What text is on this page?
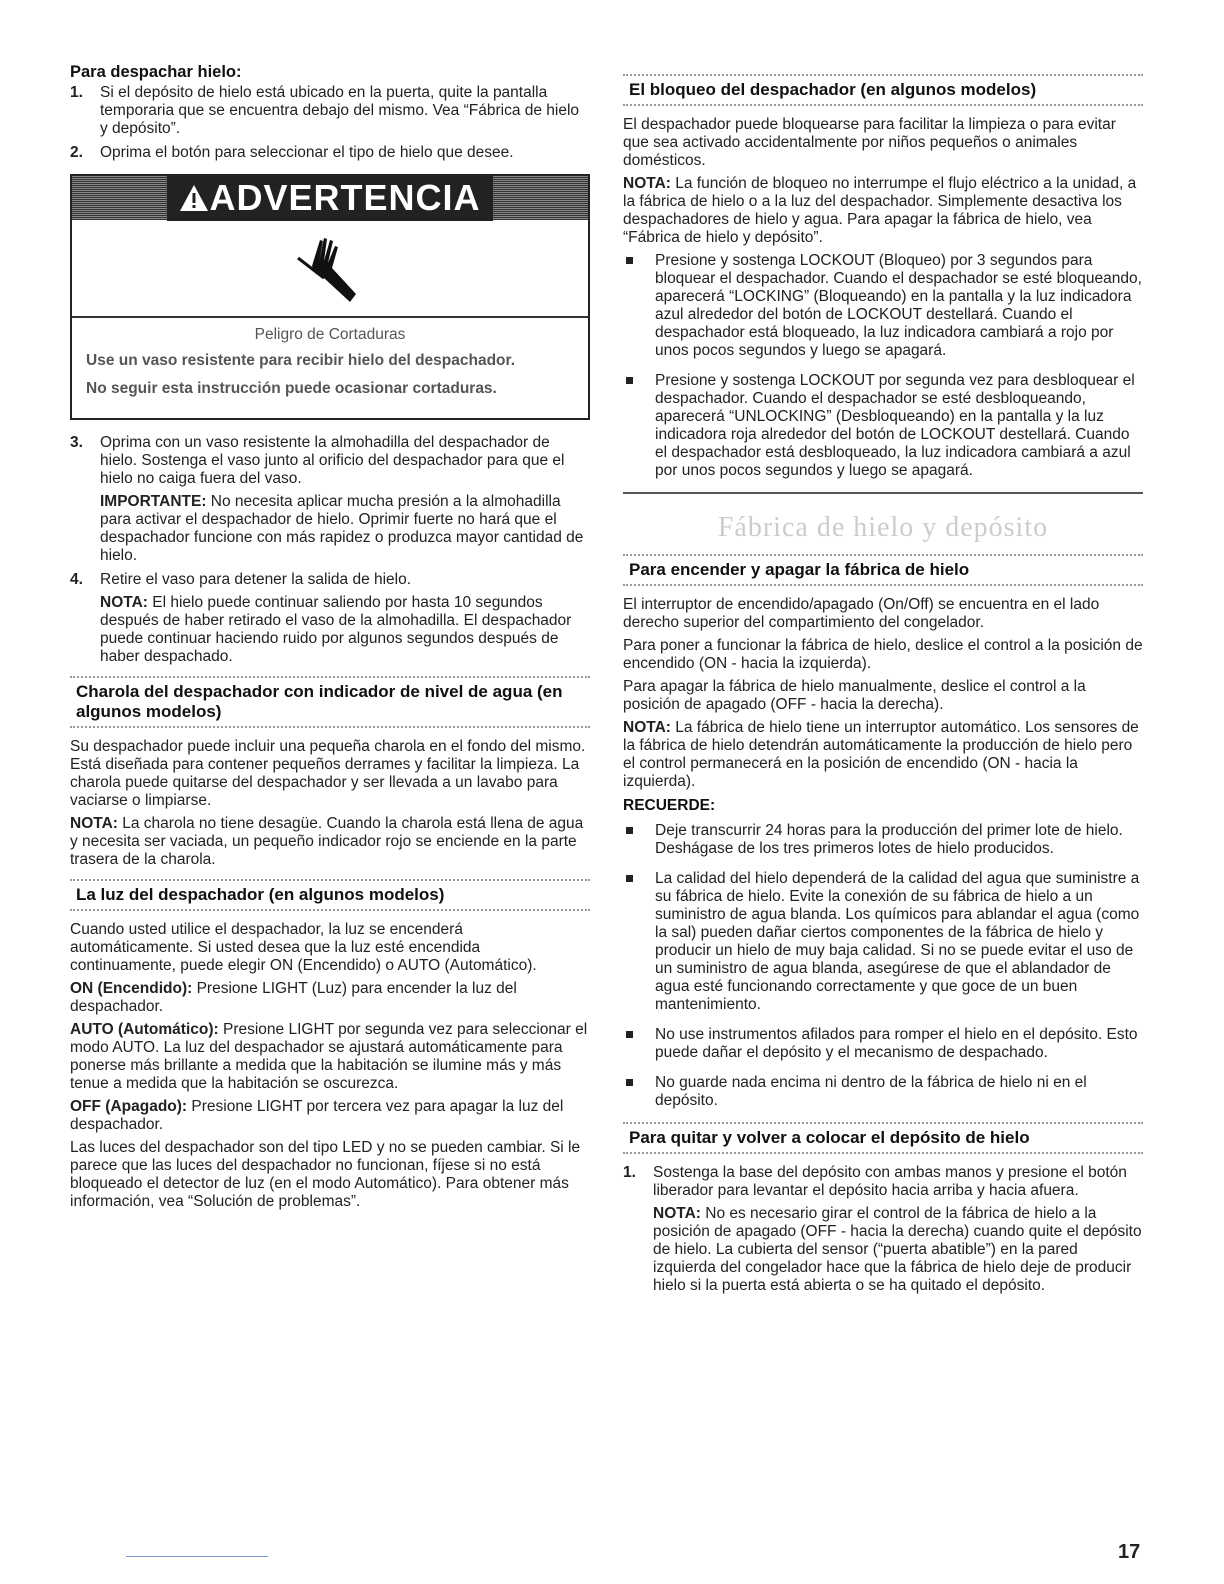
Para despachar hielo:
1. Si el depósito de hielo está ubicado en la puerta, quite la pantalla temporaria que se encuentra debajo del mismo. Vea “Fábrica de hielo y depósito”.
2. Oprima el botón para seleccionar el tipo de hielo que desee.
ADVERTENCIA
Peligro de Cortaduras

Use un vaso resistente para recibir hielo del despachador.

No seguir esta instrucción puede ocasionar cortaduras.

3. Oprima con un vaso resistente la almohadilla del despachador de hielo. Sostenga el vaso junto al orificio del despachador para que el hielo no caiga fuera del vaso.
IMPORTANTE: No necesita aplicar mucha presión a la almohadilla para activar el despachador de hielo. Oprimir fuerte no hará que el despachador funcione con más rapidez o produzca mayor cantidad de hielo.
4. Retire el vaso para detener la salida de hielo.
NOTA: El hielo puede continuar saliendo por hasta 10 segundos después de haber retirado el vaso de la almohadilla. El despachador puede continuar haciendo ruido por algunos segundos después de haber despachado.
Charola del despachador con indicador de nivel de agua (en algunos modelos)

Su despachador puede incluir una pequeña charola en el fondo del mismo. Está diseñada para contener pequeños derrames y facilitar la limpieza. La charola puede quitarse del despachador y ser llevada a un lavabo para vaciarse o limpiarse.

NOTA: La charola no tiene desagüe. Cuando la charola está llena de agua y necesita ser vaciada, un pequeño indicador rojo se enciende en la parte trasera de la charola.

La luz del despachador (en algunos modelos)

Cuando usted utilice el despachador, la luz se encenderá automáticamente. Si usted desea que la luz esté encendida continuamente, puede elegir ON (Encendido) o AUTO (Automático).

ON (Encendido): Presione LIGHT (Luz) para encender la luz del despachador.

AUTO (Automático): Presione LIGHT por segunda vez para seleccionar el modo AUTO. La luz del despachador se ajustará automáticamente para ponerse más brillante a medida que la habitación se ilumine más y más tenue a medida que la habitación se oscurezca.

OFF (Apagado): Presione LIGHT por tercera vez para apagar la luz del despachador.

Las luces del despachador son del tipo LED y no se pueden cambiar. Si le parece que las luces del despachador no funcionan, fíjese si no está bloqueado el detector de luz (en el modo Automático). Para obtener más información, vea “Solución de problemas”.

El bloqueo del despachador (en algunos modelos)

El despachador puede bloquearse para facilitar la limpieza o para evitar que sea activado accidentalmente por niños pequeños o animales domésticos.

NOTA: La función de bloqueo no interrumpe el flujo eléctrico a la unidad, a la fábrica de hielo o a la luz del despachador. Simplemente desactiva los despachadores de hielo y agua. Para apagar la fábrica de hielo, vea “Fábrica de hielo y depósito”.

Presione y sostenga LOCKOUT (Bloqueo) por 3 segundos para bloquear el despachador. Cuando el despachador se esté bloqueando, aparecerá “LOCKING” (Bloqueando) en la pantalla y la luz indicadora azul alrededor del botón de LOCKOUT destellará. Cuando el despachador está bloqueado, la luz indicadora cambiará a rojo por unos pocos segundos y luego se apagará.
Presione y sostenga LOCKOUT por segunda vez para desbloquear el despachador. Cuando el despachador se esté desbloqueando, aparecerá “UNLOCKING” (Desbloqueando) en la pantalla y la luz indicadora roja alrededor del botón de LOCKOUT destellará. Cuando el despachador está desbloqueado, la luz indicadora cambiará a azul por unos pocos segundos y luego se apagará.
Fábrica de hielo y depósito
Para encender y apagar la fábrica de hielo

El interruptor de encendido/apagado (On/Off) se encuentra en el lado derecho superior del compartimiento del congelador.

Para poner a funcionar la fábrica de hielo, deslice el control a la posición de encendido (ON - hacia la izquierda).

Para apagar la fábrica de hielo manualmente, deslice el control a la posición de apagado (OFF - hacia la derecha).

NOTA: La fábrica de hielo tiene un interruptor automático. Los sensores de la fábrica de hielo detendrán automáticamente la producción de hielo pero el control permanecerá en la posición de encendido (ON - hacia la izquierda).

RECUERDE:
Deje transcurrir 24 horas para la producción del primer lote de hielo. Deshágase de los tres primeros lotes de hielo producidos.
La calidad del hielo dependerá de la calidad del agua que suministre a su fábrica de hielo. Evite la conexión de su fábrica de hielo a un suministro de agua blanda. Los químicos para ablandar el agua (como la sal) pueden dañar ciertos componentes de la fábrica de hielo y producir un hielo de muy baja calidad. Si no se puede evitar el uso de un suministro de agua blanda, asegúrese de que el ablandador de agua esté funcionando correctamente y que goce de un buen mantenimiento.
No use instrumentos afilados para romper el hielo en el depósito. Esto puede dañar el depósito y el mecanismo de despachado.
No guarde nada encima ni dentro de la fábrica de hielo ni en el depósito.
Para quitar y volver a colocar el depósito de hielo
1. Sostenga la base del depósito con ambas manos y presione el botón liberador para levantar el depósito hacia arriba y hacia afuera.
NOTA: No es necesario girar el control de la fábrica de hielo a la posición de apagado (OFF - hacia la derecha) cuando quite el depósito de hielo. La cubierta del sensor (“puerta abatible”) en la pared izquierda del congelador hace que la fábrica de hielo deje de producir hielo si la puerta está abierta o se ha quitado el depósito.
17
